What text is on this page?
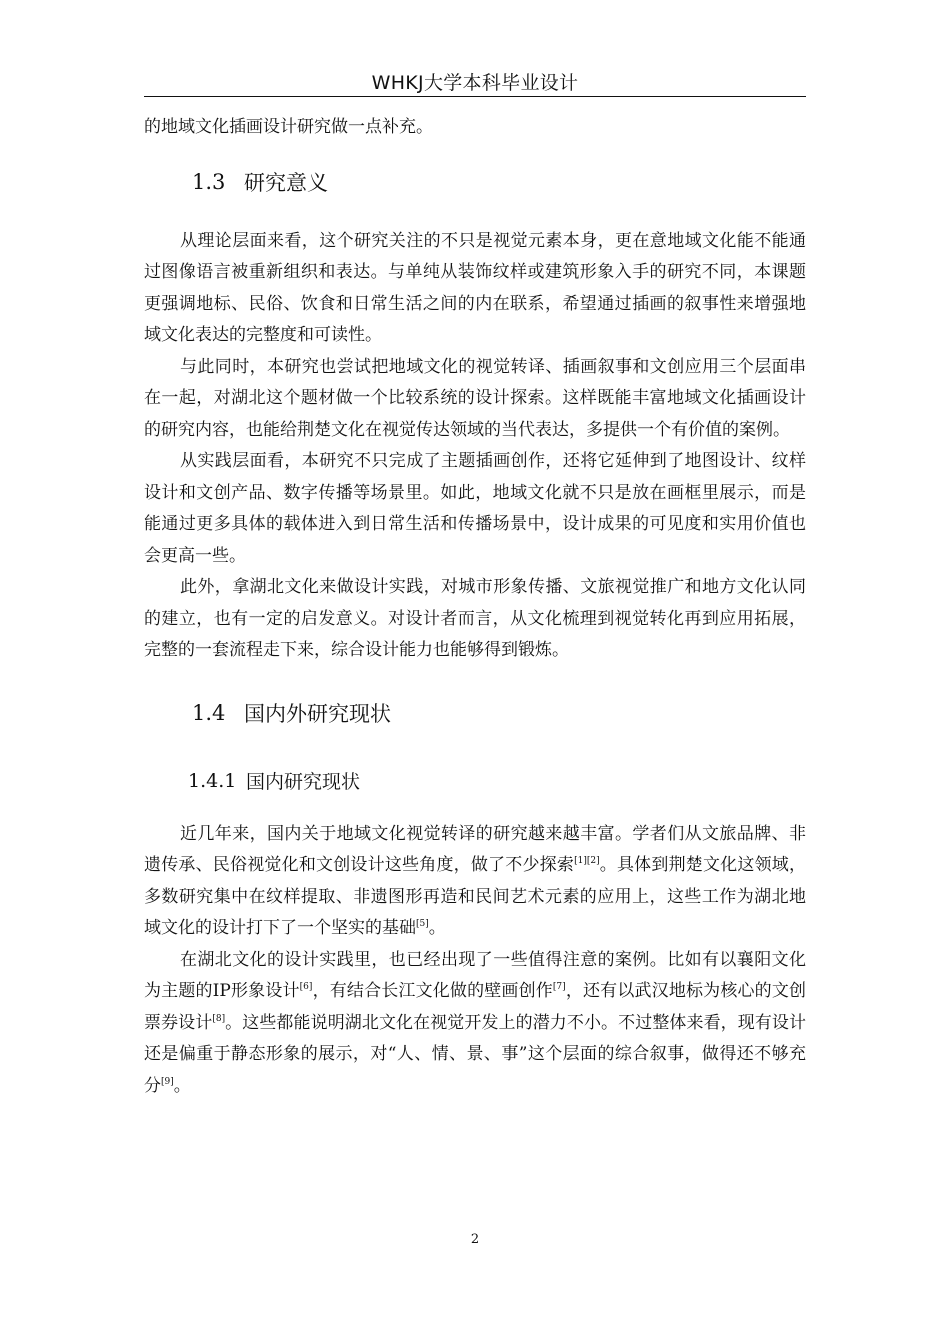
WHKJ大学本科毕业设计

的地域文化插画设计研究做一点补充。

1.3 研究意义

从理论层面来看，这个研究关注的不只是视觉元素本身，更在意地域文化能不能通过图像语言被重新组织和表达。与单纯从装饰纹样或建筑形象入手的研究不同，本课题更强调地标、民俗、饮食和日常生活之间的内在联系，希望通过插画的叙事性来增强地域文化表达的完整度和可读性。

与此同时，本研究也尝试把地域文化的视觉转译、插画叙事和文创应用三个层面串在一起，对湖北这个题材做一个比较系统的设计探索。这样既能丰富地域文化插画设计的研究内容，也能给荆楚文化在视觉传达领域的当代表达，多提供一个有价值的案例。

从实践层面看，本研究不只完成了主题插画创作，还将它延伸到了地图设计、纹样设计和文创产品、数字传播等场景里。如此，地域文化就不只是放在画框里展示，而是能通过更多具体的载体进入到日常生活和传播场景中，设计成果的可见度和实用价值也会更高一些。

此外，拿湖北文化来做设计实践，对城市形象传播、文旅视觉推广和地方文化认同的建立，也有一定的启发意义。对设计者而言，从文化梳理到视觉转化再到应用拓展，完整的一套流程走下来，综合设计能力也能够得到锻炼。

1.4 国内外研究现状
1.4.1 国内研究现状

近几年来，国内关于地域文化视觉转译的研究越来越丰富。学者们从文旅品牌、非遗传承、民俗视觉化和文创设计这些角度，做了不少探索[1][2]。具体到荆楚文化这领域，多数研究集中在纹样提取、非遗图形再造和民间艺术元素的应用上，这些工作为湖北地域文化的设计打下了一个坚实的基础[5]。

在湖北文化的设计实践里，也已经出现了一些值得注意的案例。比如有以襄阳文化为主题的IP形象设计[6]，有结合长江文化做的壁画创作[7]，还有以武汉地标为核心的文创票券设计[8]。这些都能说明湖北文化在视觉开发上的潜力不小。不过整体来看，现有设计还是偏重于静态形象的展示，对“人、情、景、事”这个层面的综合叙事，做得还不够充分[9]。

2
